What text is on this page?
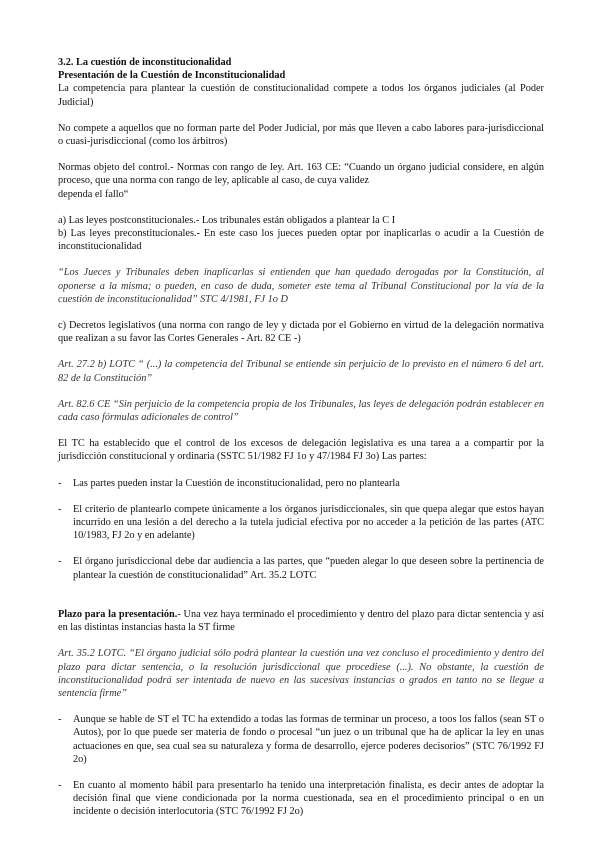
3.2. La cuestión de inconstitucionalidad

Presentación de la Cuestión de Inconstitucionalidad

La competencia para plantear la cuestión de constitucionalidad compete a todos los órganos judiciales (al Poder Judicial)

No compete a aquellos que no forman parte del Poder Judicial, por más que lleven a cabo labores para-jurisdiccional o cuasi-jurisdiccional (como los árbitros)

Normas objeto del control.- Normas con rango de ley. Art. 163 CE: “Cuando un órgano judicial considere, en algún proceso, que una norma con rango de ley, aplicable al caso, de cuya validez

dependa el fallo“

a) Las leyes postconstitucionales.- Los tribunales están obligados a plantear la C I

b) Las leyes preconstitucionales.- En este caso los jueces pueden optar por inaplicarlas o acudir a la Cuestión de inconstitucionalidad

“Los Jueces y Tribunales deben inaplicarlas si entienden que han quedado derogadas por la Constitución, al oponerse a la misma; o pueden, en caso de duda, someter este tema al Tribunal Constitucional por la vía de la cuestión de inconstitucionalidad” STC 4/1981, FJ 1o D

c) Decretos legislativos (una norma con rango de ley y dictada por el Gobierno en virtud de la delegación normativa que realizan a su favor las Cortes Generales - Art. 82 CE -)

Art. 27.2 b) LOTC “ (...) la competencia del Tribunal se entiende sin perjuicio de lo previsto en el número 6 del art. 82 de la Constitución”

Art. 82.6 CE “Sin perjuicio de la competencia propia de los Tribunales, las leyes de delegación podrán establecer en cada caso fórmulas adicionales de control”

El TC ha establecido que el control de los excesos de delegación legislativa es una tarea a a compartir por la jurisdicción constitucional y ordinaria (SSTC 51/1982 FJ 1o y 47/1984 FJ 3o) Las partes:

- Las partes pueden instar la Cuestión de inconstitucionalidad, pero no plantearla
- El criterio de plantearlo compete únicamente a los órganos jurisdiccionales, sin que quepa alegar que estos hayan incurrido en una lesión a del derecho a la tutela judicial efectiva por no acceder a la petición de las partes (ATC 10/1983, FJ 2o y en adelante)
- El órgano jurisdiccional debe dar audiencia a las partes, que “pueden alegar lo que deseen sobre la pertinencia de plantear la cuestión de constitucionalidad” Art. 35.2 LOTC

Plazo para la presentación.- Una vez haya terminado el procedimiento y dentro del plazo para dictar sentencia y así en las distintas instancias hasta la ST firme

Art. 35.2 LOTC. “El órgano judicial sólo podrá plantear la cuestión una vez concluso el procedimiento y dentro del plazo para dictar sentencia, o la resolución jurisdiccional que procediese (...). No obstante, la cuestión de inconstitucionalidad podrá ser intentada de nuevo en las sucesivas instancias o grados en tanto no se llegue a sentencia firme”

- Aunque se hable de ST el TC ha extendido a todas las formas de terminar un proceso, a toos los fallos (sean ST o Autos), por lo que puede ser materia de fondo o procesal “un juez o un tribunal que ha de aplicar la ley en unas actuaciones en que, sea cual sea su naturaleza y forma de desarrollo, ejerce poderes decisorios” (STC 76/1992 FJ 2o)
- En cuanto al momento hábil para presentarlo ha tenido una interpretación finalista, es decir antes de adoptar la decisión final que viene condicionada por la norma cuestionada, sea en el procedimiento principal o en un incidente o decisión interlocutoria (STC 76/1992 FJ 2o)
